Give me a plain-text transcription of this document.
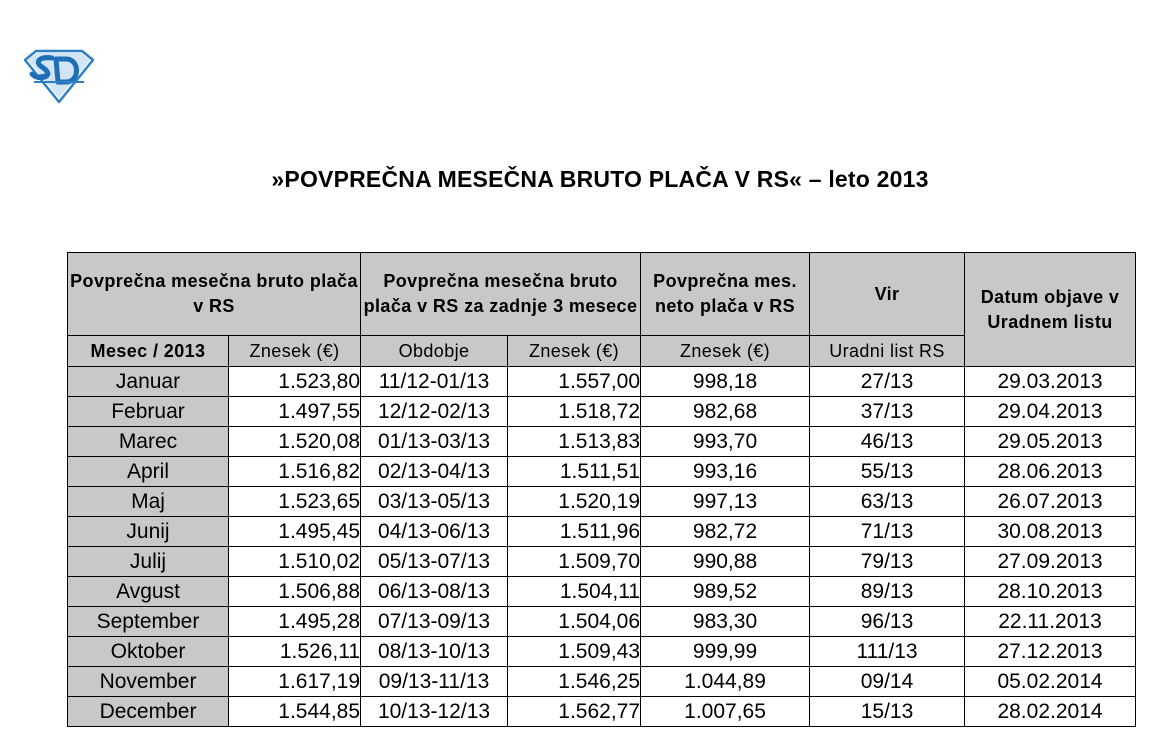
»POVPREČNA MESEČNA BRUTO PLAČA V RS« – leto 2013
Povprečna mesečna bruto plača v RS		Povprečna mesečna bruto plača v RS za zadnje 3 mesece		Povprečna mes. neto plača v RS	Vir	Datum objave v Uradnem listu
Mesec / 2013	Znesek (€)	Obdobje	Znesek (€)	Znesek (€)	Uradni list RS	
Januar	1.523,80	11/12-01/13	1.557,00	998,18	27/13	29.03.2013
Februar	1.497,55	12/12-02/13	1.518,72	982,68	37/13	29.04.2013
Marec	1.520,08	01/13-03/13	1.513,83	993,70	46/13	29.05.2013
April	1.516,82	02/13-04/13	1.511,51	993,16	55/13	28.06.2013
Maj	1.523,65	03/13-05/13	1.520,19	997,13	63/13	26.07.2013
Junij	1.495,45	04/13-06/13	1.511,96	982,72	71/13	30.08.2013
Julij	1.510,02	05/13-07/13	1.509,70	990,88	79/13	27.09.2013
Avgust	1.506,88	06/13-08/13	1.504,11	989,52	89/13	28.10.2013
September	1.495,28	07/13-09/13	1.504,06	983,30	96/13	22.11.2013
Oktober	1.526,11	08/13-10/13	1.509,43	999,99	111/13	27.12.2013
November	1.617,19	09/13-11/13	1.546,25	1.044,89	09/14	05.02.2014
December	1.544,85	10/13-12/13	1.562,77	1.007,65	15/13	28.02.2014
